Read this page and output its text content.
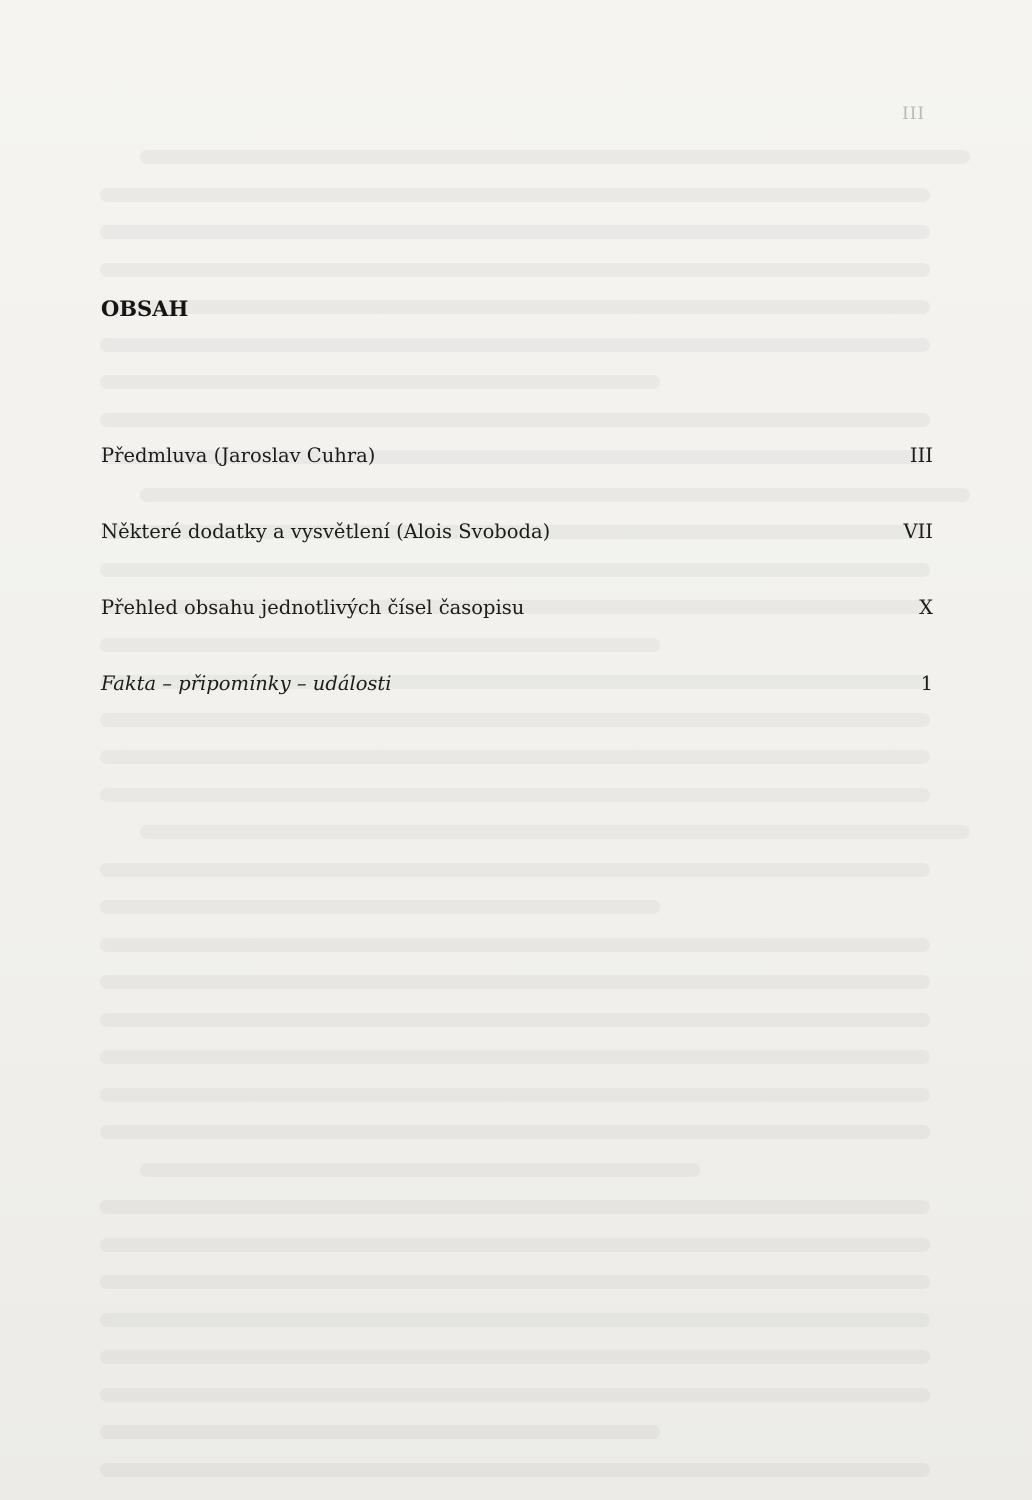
III
OBSAH
Předmluva (Jaroslav Cuhra)	III
Některé dodatky a vysvětlení (Alois Svoboda)	VII
Přehled obsahu jednotlivých čísel časopisu	X
Fakta – připomínky – události	1
